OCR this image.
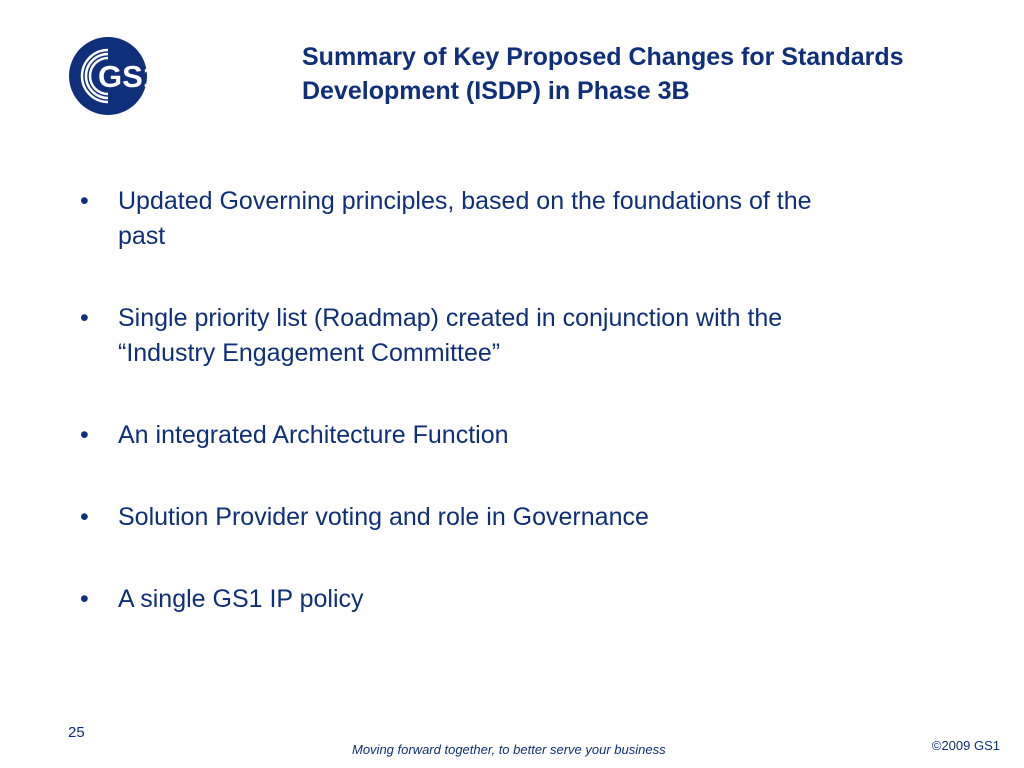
GS1
Summary of Key Proposed Changes for Standards
Development (ISDP) in Phase 3B
•	Updated Governing principles, based on the foundations of the
past
•	Single priority list (Roadmap) created in conjunction with the
“Industry Engagement Committee”
•	An integrated Architecture Function
•	Solution Provider voting and role in Governance
•	A single GS1 IP policy
25
Moving forward together, to better serve your business	©2009 GS1
